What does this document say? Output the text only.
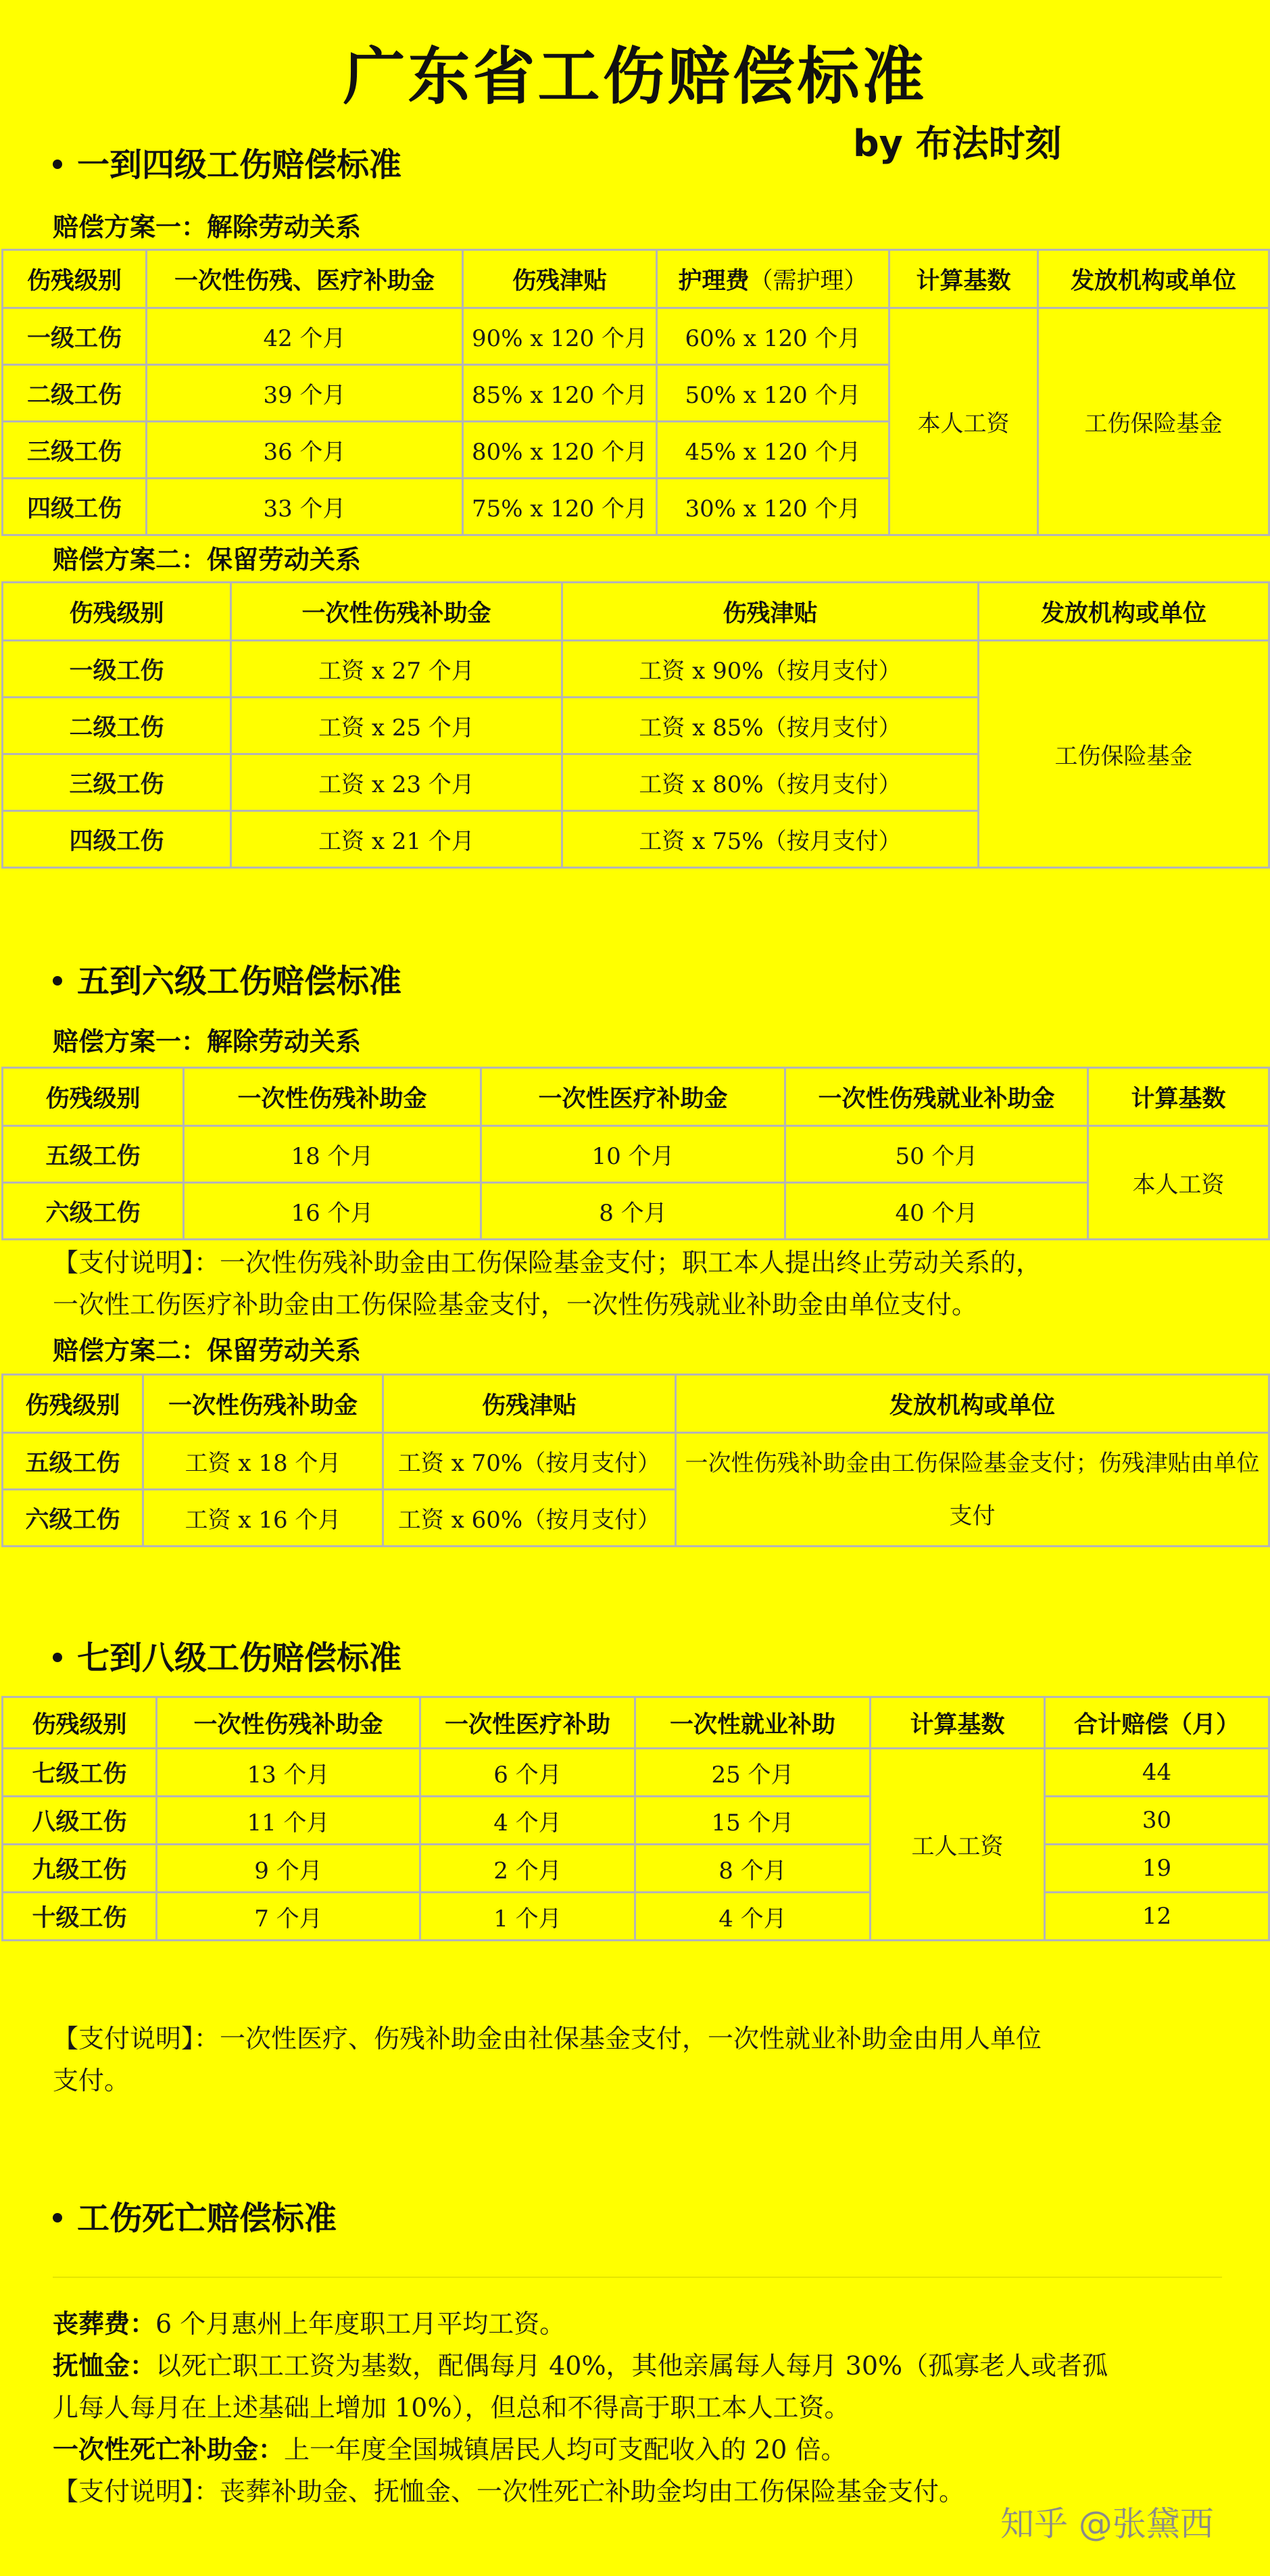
广东省工伤赔偿标准
by 布法时刻
一到四级工伤赔偿标准
赔偿方案一：解除劳动关系
伤残级别	一次性伤残、医疗补助金	伤残津贴	护理费（需护理）	计算基数	发放机构或单位
一级工伤	42 个月	90% x 120 个月	60% x 120 个月	本人工资	工伤保险基金
二级工伤	39 个月	85% x 120 个月	50% x 120 个月		
三级工伤	36 个月	80% x 120 个月	45% x 120 个月		
四级工伤	33 个月	75% x 120 个月	30% x 120 个月		
赔偿方案二：保留劳动关系
伤残级别	一次性伤残补助金	伤残津贴	发放机构或单位
一级工伤	工资 x 27 个月	工资 x 90%（按月支付）	工伤保险基金
二级工伤	工资 x 25 个月	工资 x 85%（按月支付）	
三级工伤	工资 x 23 个月	工资 x 80%（按月支付）	
四级工伤	工资 x 21 个月	工资 x 75%（按月支付）	
五到六级工伤赔偿标准
赔偿方案一：解除劳动关系
伤残级别	一次性伤残补助金	一次性医疗补助金	一次性伤残就业补助金	计算基数
五级工伤	18 个月	10 个月	50 个月	本人工资
六级工伤	16 个月	8 个月	40 个月	
【支付说明】：一次性伤残补助金由工伤保险基金支付；职工本人提出终止劳动关系的，
一次性工伤医疗补助金由工伤保险基金支付，一次性伤残就业补助金由单位支付。
赔偿方案二：保留劳动关系
伤残级别	一次性伤残补助金	伤残津贴	发放机构或单位
五级工伤	工资 x 18 个月	工资 x 70%（按月支付）	一次性伤残补助金由工伤保险基金支付；伤残津贴由单位支付
六级工伤	工资 x 16 个月	工资 x 60%（按月支付）	
七到八级工伤赔偿标准
伤残级别	一次性伤残补助金	一次性医疗补助	一次性就业补助	计算基数	合计赔偿（月）
七级工伤	13 个月	6 个月	25 个月	工人工资	44
八级工伤	11 个月	4 个月	15 个月		30
九级工伤	9 个月	2 个月	8 个月		19
十级工伤	7 个月	1 个月	4 个月		12
【支付说明】：一次性医疗、伤残补助金由社保基金支付，一次性就业补助金由用人单位
支付。
工伤死亡赔偿标准
丧葬费：6 个月惠州上年度职工月平均工资。
抚恤金：以死亡职工工资为基数，配偶每月 40%，其他亲属每人每月 30%（孤寡老人或者孤
儿每人每月在上述基础上增加 10%），但总和不得高于职工本人工资。
一次性死亡补助金：上一年度全国城镇居民人均可支配收入的 20 倍。
【支付说明】：丧葬补助金、抚恤金、一次性死亡补助金均由工伤保险基金支付。
知乎 @张黛西
